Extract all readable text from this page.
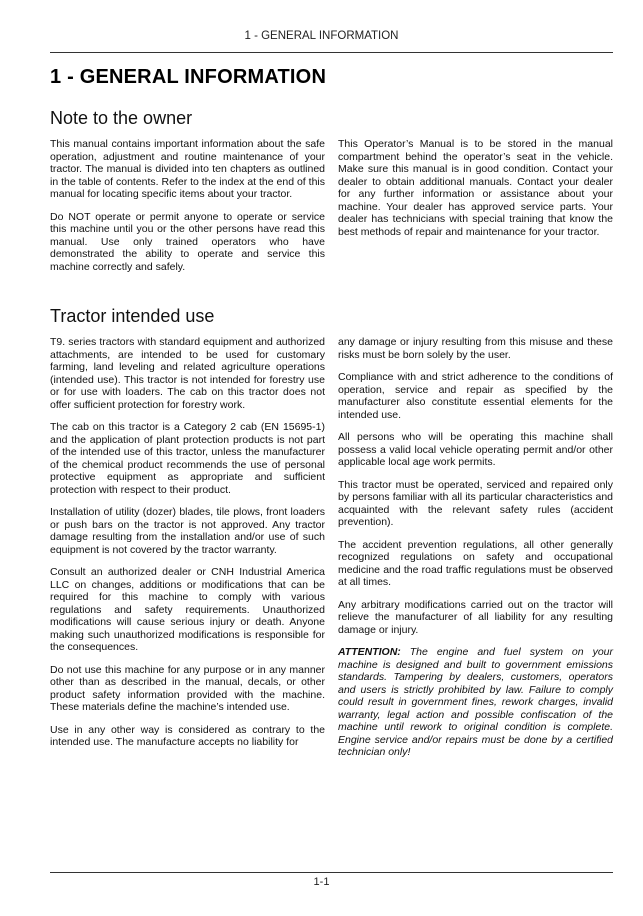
1 - GENERAL INFORMATION
1 - GENERAL INFORMATION
Note to the owner

This manual contains important information about the safe operation, adjustment and routine maintenance of your tractor. The manual is divided into ten chapters as outlined in the table of contents. Refer to the index at the end of this manual for locating specific items about your tractor.

Do NOT operate or permit anyone to operate or service this machine until you or the other persons have read this manual. Use only trained operators who have demonstrated the ability to operate and service this machine correctly and safely.

This Operator’s Manual is to be stored in the manual compartment behind the operator’s seat in the vehicle. Make sure this manual is in good condition. Contact your dealer to obtain additional manuals. Contact your dealer for any further information or assistance about your machine. Your dealer has approved service parts. Your dealer has technicians with special training that know the best methods of repair and maintenance for your tractor.

Tractor intended use

T9. series tractors with standard equipment and authorized attachments, are intended to be used for customary farming, land leveling and related agriculture operations (intended use). This tractor is not intended for forestry use or for use with loaders. The cab on this tractor does not offer sufficient protection for forestry work.

The cab on this tractor is a Category 2 cab (EN 15695-1) and the application of plant protection products is not part of the intended use of this tractor, unless the manufacturer of the chemical product recommends the use of personal protective equipment as appropriate and sufficient protection with respect to their product.

Installation of utility (dozer) blades, tile plows, front loaders or push bars on the tractor is not approved. Any tractor damage resulting from the installation and/or use of such equipment is not covered by the tractor warranty.

Consult an authorized dealer or CNH Industrial America LLC on changes, additions or modifications that can be required for this machine to comply with various regulations and safety requirements. Unauthorized modifications will cause serious injury or death. Anyone making such unauthorized modifications is responsible for the consequences.

Do not use this machine for any purpose or in any manner other than as described in the manual, decals, or other product safety information provided with the machine. These materials define the machine’s intended use.

Use in any other way is considered as contrary to the intended use. The manufacture accepts no liability for

any damage or injury resulting from this misuse and these risks must be born solely by the user.

Compliance with and strict adherence to the conditions of operation, service and repair as specified by the manufacturer also constitute essential elements for the intended use.

All persons who will be operating this machine shall possess a valid local vehicle operating permit and/or other applicable local age work permits.

This tractor must be operated, serviced and repaired only by persons familiar with all its particular characteristics and acquainted with the relevant safety rules (accident prevention).

The accident prevention regulations, all other generally recognized regulations on safety and occupational medicine and the road traffic regulations must be observed at all times.

Any arbitrary modifications carried out on the tractor will relieve the manufacturer of all liability for any resulting damage or injury.

ATTENTION: The engine and fuel system on your machine is designed and built to government emissions standards. Tampering by dealers, customers, operators and users is strictly prohibited by law. Failure to comply could result in government fines, rework charges, invalid warranty, legal action and possible confiscation of the machine until rework to original condition is complete. Engine service and/or repairs must be done by a certified technician only!

1-1
